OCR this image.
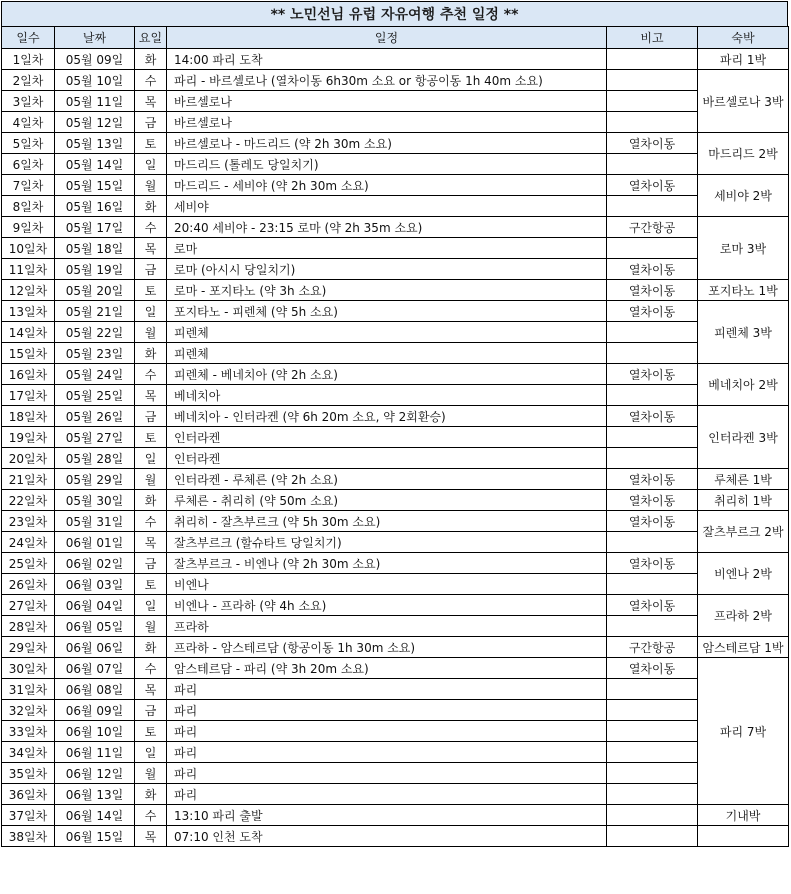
** 노민선님 유럽 자유여행 추천 일정 **
일수	날짜	요일	일정	비고	숙박
1일차	05월 09일	화	14:00 파리 도착		파리 1박
2일차	05월 10일	수	파리 - 바르셀로나 (열차이동 6h30m 소요 or 항공이동 1h 40m 소요)		바르셀로나 3박
3일차	05월 11일	목	바르셀로나		
4일차	05월 12일	금	바르셀로나		
5일차	05월 13일	토	바르셀로나 - 마드리드 (약 2h 30m 소요)	열차이동	마드리드 2박
6일차	05월 14일	일	마드리드 (톨레도 당일치기)		
7일차	05월 15일	월	마드리드 - 세비야 (약 2h 30m 소요)	열차이동	세비야 2박
8일차	05월 16일	화	세비야		
9일차	05월 17일	수	20:40 세비야 - 23:15 로마 (약 2h 35m 소요)	구간항공	로마 3박
10일차	05월 18일	목	로마		
11일차	05월 19일	금	로마 (아시시 당일치기)	열차이동	
12일차	05월 20일	토	로마 - 포지타노 (약 3h 소요)	열차이동	포지타노 1박
13일차	05월 21일	일	포지타노 - 피렌체 (약 5h 소요)	열차이동	피렌체 3박
14일차	05월 22일	월	피렌체		
15일차	05월 23일	화	피렌체		
16일차	05월 24일	수	피렌체 - 베네치아 (약 2h 소요)	열차이동	베네치아 2박
17일차	05월 25일	목	베네치아		
18일차	05월 26일	금	베네치아 - 인터라켄 (약 6h 20m 소요, 약 2회환승)	열차이동	인터라켄 3박
19일차	05월 27일	토	인터라켄		
20일차	05월 28일	일	인터라켄		
21일차	05월 29일	월	인터라켄 - 루체른 (약 2h 소요)	열차이동	루체른 1박
22일차	05월 30일	화	루체른 - 취리히 (약 50m 소요)	열차이동	취리히 1박
23일차	05월 31일	수	취리히 - 잘츠부르크 (약 5h 30m 소요)	열차이동	잘츠부르크 2박
24일차	06월 01일	목	잘츠부르크 (할슈타트 당일치기)		
25일차	06월 02일	금	잘츠부르크 - 비엔나 (약 2h 30m 소요)	열차이동	비엔나 2박
26일차	06월 03일	토	비엔나		
27일차	06월 04일	일	비엔나 - 프라하 (약 4h 소요)	열차이동	프라하 2박
28일차	06월 05일	월	프라하		
29일차	06월 06일	화	프라하 - 암스테르담 (항공이동 1h 30m 소요)	구간항공	암스테르담 1박
30일차	06월 07일	수	암스테르담 - 파리 (약 3h 20m 소요)	열차이동	파리 7박
31일차	06월 08일	목	파리		
32일차	06월 09일	금	파리		
33일차	06월 10일	토	파리		
34일차	06월 11일	일	파리		
35일차	06월 12일	월	파리		
36일차	06월 13일	화	파리		
37일차	06월 14일	수	13:10 파리 출발		기내박
38일차	06월 15일	목	07:10 인천 도착		
